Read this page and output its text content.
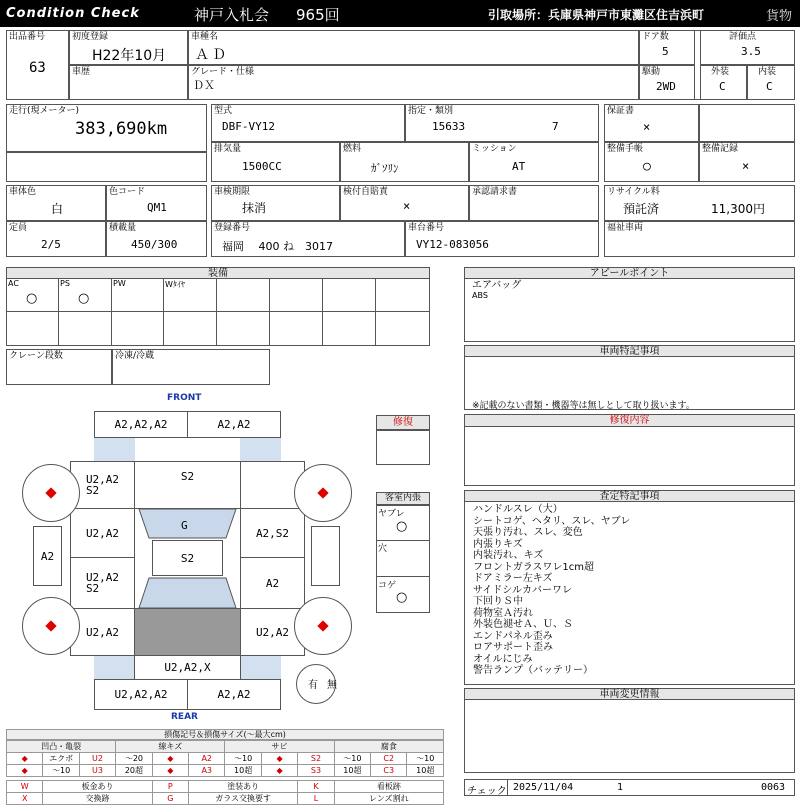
Condition Check	神戸入札会 965回	引取場所：兵庫県神戸市東灘区住吉浜町	貨物
出品番号
63
初度登録
H22年10月
車歴
車種名
ＡＤ
グレード・仕様
ＤＸ
ドア数
5
駆動
2WD
評価点
3.5
外装
C
内装
C
走行(現メーター)
383,690km
型式
DBF-VY12
指定・類別
15633	7
排気量
1500CC
燃料
ｶﾞｿﾘﾝ
ミッション
AT
保証書
×
整備手帳
○
整備記録
×
車体色
白
色コード
QM1
定員
2/5
積載量
450/300
車検期限
抹消
検付自賠責
×
承認請求書
登録番号
福岡　 400 ね　3017
車台番号
VY12-083056
リサイクル料
預託済	11,300円
福祉車両
装備
AC
○
PS
○
PW	Wﾀｲﾔ
クレーン段数	冷凍/冷蔵
FRONT
REAR
A2,A2,A2	A2,A2
U2,A2
S2
S2
U2,A2	A2,S2
U2,A2
S2	A2
U2,A2	U2,A2
G
S2
U2,A2,X
U2,A2,A2	A2,A2
A2
有 無
修復
客室内張
ヤブレ
○
穴
コゲ
○
アピールポイント
エアバッグ
ABS
車両特記事項
※記載のない書類・機器等は無しとして取り扱います。
修復内容
査定特記事項
ハンドルスレ（大）
シートコゲ、ヘタリ、スレ、ヤブレ
天張り汚れ、スレ、変色
内張りキズ
内装汚れ、キズ
フロントガラスワレ1cm超
ドアミラー左キズ
サイドシルカバーワレ
下回りＳ中
荷物室Ａ汚れ
外装色褪せＡ、Ｕ、Ｓ
エンドパネル歪み
ロアサポート歪み
オイルにじみ
警告ランプ（バッテリー）
車両変更情報
チェック 2025/11/04	1	0063
損傷記号＆損傷サイズ(〜最大cm)
凹凸・亀裂			線キズ			サビ			腐食		
◆	エクボ	U2	〜20	◆	A2	〜10	◆	S2	〜10	C2	〜10
◆	〜10	U3	20超	◆	A3	10超	◆	S3	10超	C3	10超
W	板金あり	P	塗装あり	K	看板跡
X	交換跡	G	ガラス交換要す	L	レンズ割れ
